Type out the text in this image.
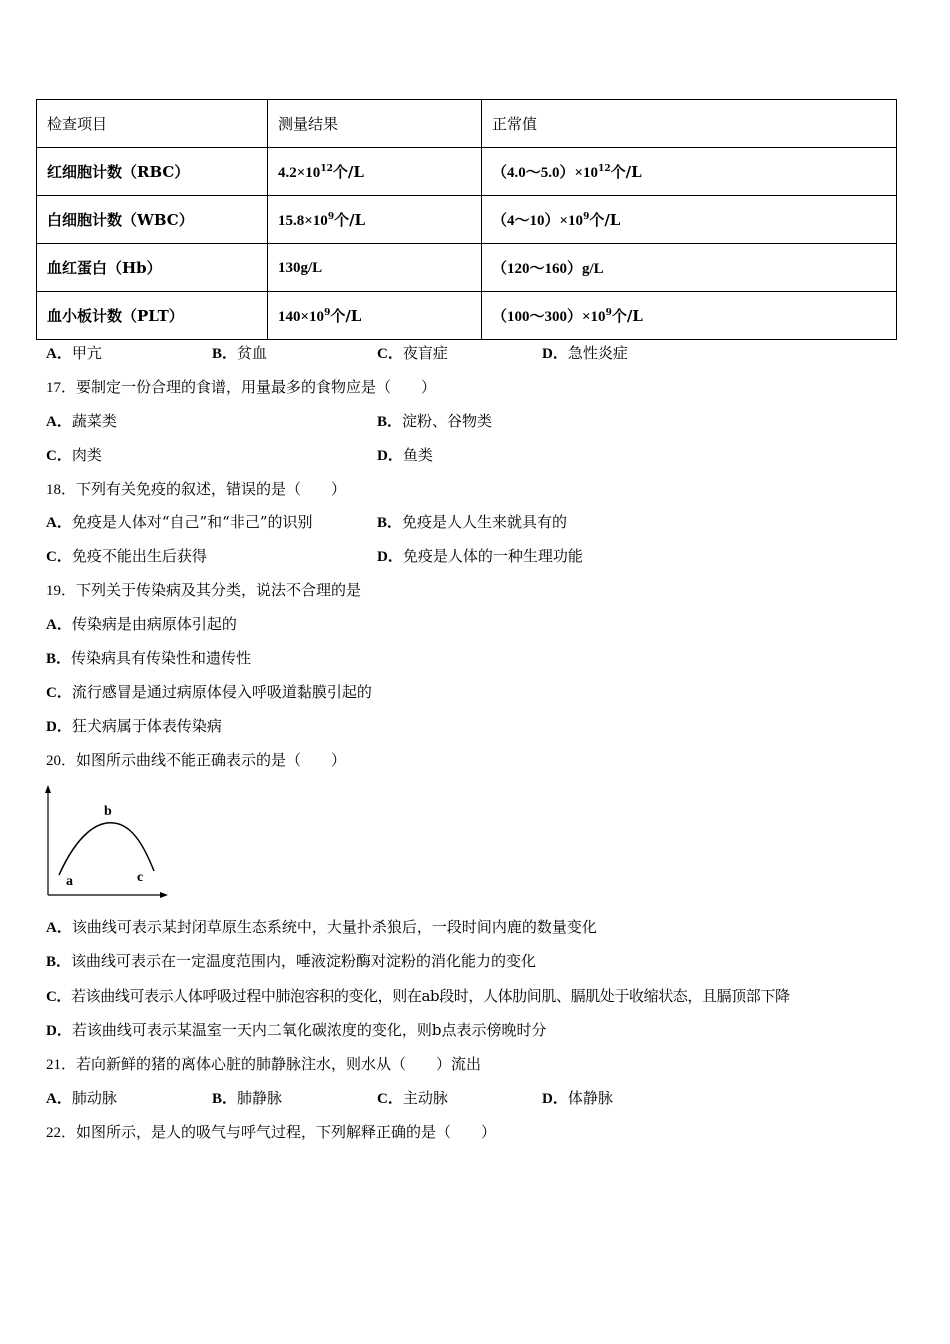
检查项目	测量结果	正常值
红细胞计数（RBC）	$4.2\times 10^{12}$个/L	$(4.0\sim 5.0)\times 10^{12}$个/L
白细胞计数（WBC）	$15.8\times 10^9$个/L	$(4\sim 10)\times 10^9$个/L
血红蛋白（Hb）	130g/L	（120～160）g/L
血小板计数（PLT）	$140\times 10^9$个/L	$(100\sim 300)\times 10^9$个/L
A．甲亢	B．贫血	C．夜盲症	D．急性炎症
17．要制定一份合理的食谱，用量最多的食物应是（　　）
A．蔬菜类	B．淀粉、谷物类
C．肉类	D．鱼类
18．下列有关免疫的叙述，错误的是（　　）
A．免疫是人体对“自己”和“非己”的识别	B．免疫是人人生来就具有的
C．免疫不能出生后获得	D．免疫是人体的一种生理功能
19．下列关于传染病及其分类，说法不合理的是
A．传染病是由病原体引起的
B．传染病具有传染性和遗传性
C．流行感冒是通过病原体侵入呼吸道黏膜引起的
D．狂犬病属于体表传染病
20．如图所示曲线不能正确表示的是（　　）
a
b
c
A．该曲线可表示某封闭草原生态系统中，大量扑杀狼后，一段时间内鹿的数量变化
B．该曲线可表示在一定温度范围内，唾液淀粉酶对淀粉的消化能力的变化
C．若该曲线可表示人体呼吸过程中肺泡容积的变化，则在ab段时，人体肋间肌、膈肌处于收缩状态，且膈顶部下降
D．若该曲线可表示某温室一天内二氧化碳浓度的变化，则b点表示傍晚时分
21．若向新鲜的猪的离体心脏的肺静脉注水，则水从（　　）流出
A．肺动脉	B．肺静脉	C．主动脉	D．体静脉
22．如图所示，是人的吸气与呼气过程，下列解释正确的是（　　）
